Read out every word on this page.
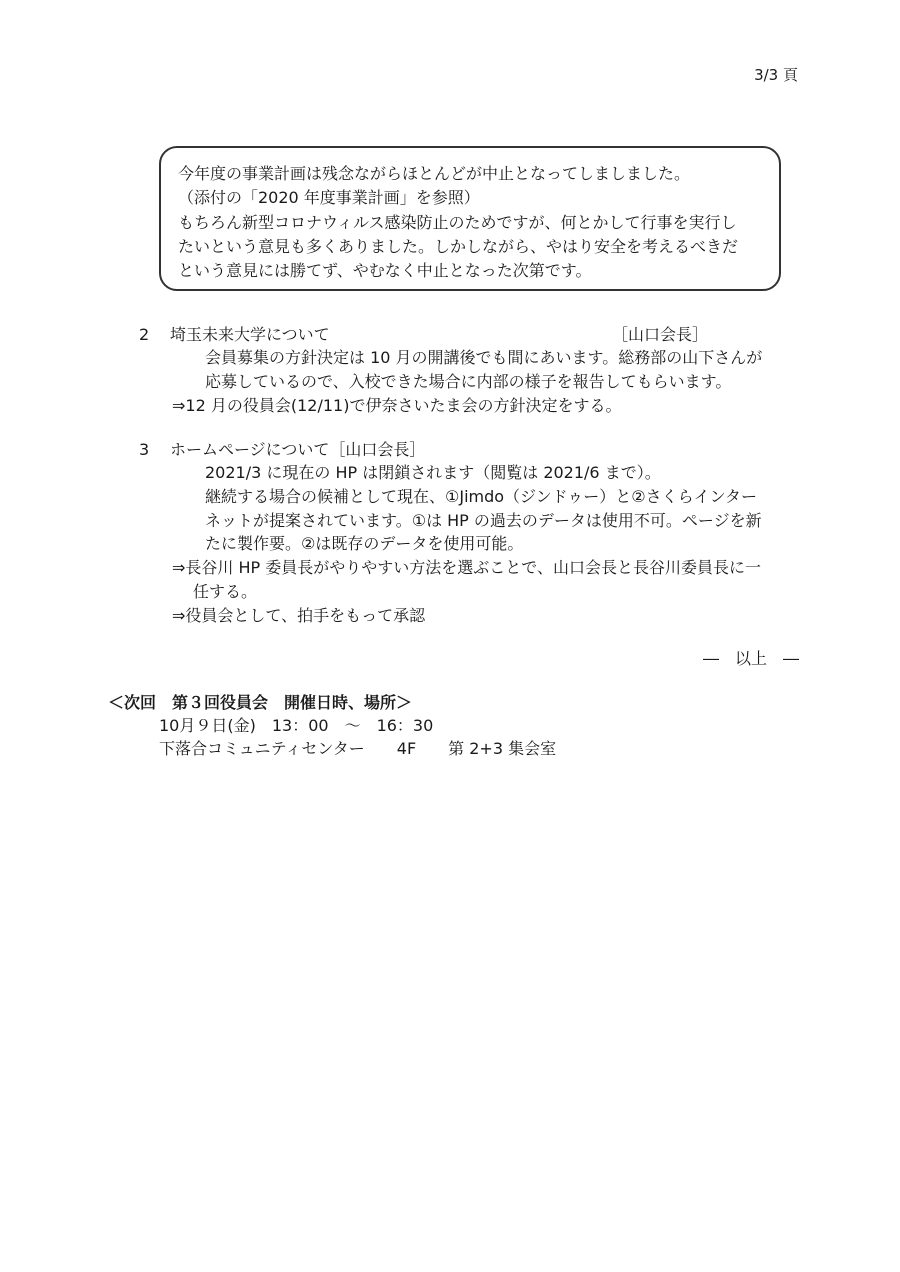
3/3 頁
今年度の事業計画は残念ながらほとんどが中止となってしましました。
（添付の「2020 年度事業計画」を参照）
もちろん新型コロナウィルス感染防止のためですが、何とかして行事を実行し
たいという意見も多くありました。しかしながら、やはり安全を考えるべきだ
という意見には勝てず、やむなく中止となった次第です。
2 埼玉未来大学について	［山口会長］
会員募集の方針決定は 10 月の開講後でも間にあいます。総務部の山下さんが
応募しているので、入校できた場合に内部の様子を報告してもらいます。
⇒12 月の役員会(12/11)で伊奈さいたま会の方針決定をする。
3 ホームページについて［山口会長］
2021/3 に現在の HP は閉鎖されます（閲覧は 2021/6 まで）。
継続する場合の候補として現在、①Jimdo（ジンドゥー）と②さくらインター
ネットが提案されています。①は HP の過去のデータは使用不可。ページを新
たに製作要。②は既存のデータを使用可能。
⇒長谷川 HP 委員長がやりやすい方法を選ぶことで、山口会長と長谷川委員長に一
任する。
⇒役員会として、拍手をもって承認
―　以上　―
＜次回　第３回役員会　開催日時、場所＞
10月９日(金)　13：00　～　16：30
下落合コミュニティセンター　　4F　　第 2+3 集会室
